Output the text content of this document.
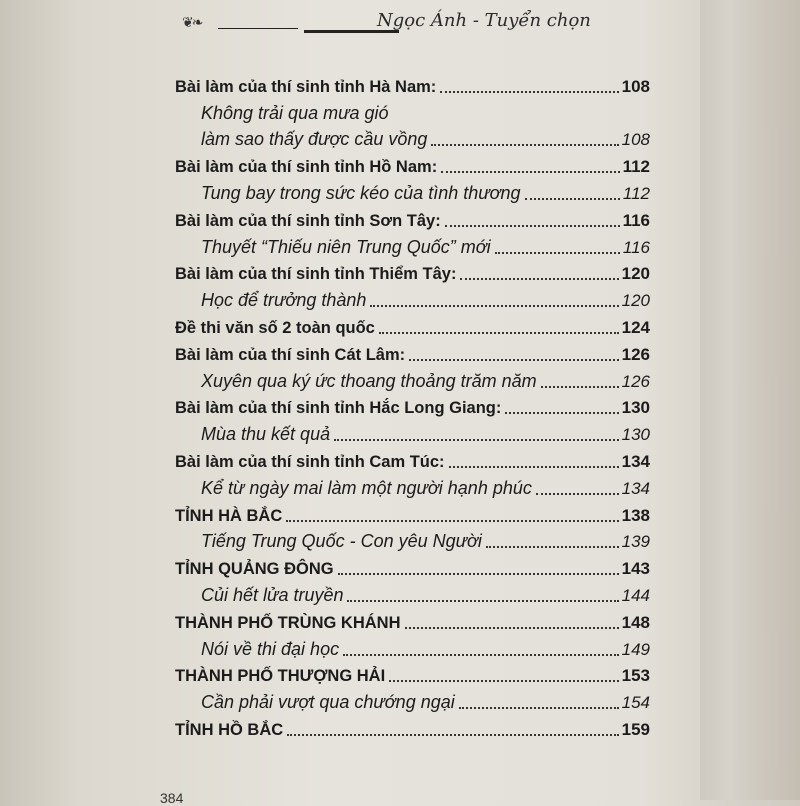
❦❧	Ngọc Ánh - Tuyển chọn
Bài làm của thí sinh tỉnh Hà Nam:	108
Không trải qua mưa gió
làm sao thấy được cầu vồng	108
Bài làm của thí sinh tỉnh Hồ Nam:	112
Tung bay trong sức kéo của tình thương	112
Bài làm của thí sinh tỉnh Sơn Tây:	116
Thuyết “Thiếu niên Trung Quốc” mới	116
Bài làm của thí sinh tỉnh Thiểm Tây:	120
Học để trưởng thành	120
Đề thi văn số 2 toàn quốc	124
Bài làm của thí sinh Cát Lâm:	126
Xuyên qua ký ức thoang thoảng trăm năm	126
Bài làm của thí sinh tỉnh Hắc Long Giang:	130
Mùa thu kết quả	130
Bài làm của thí sinh tỉnh Cam Túc:	134
Kể từ ngày mai làm một người hạnh phúc	134
TỈNH HÀ BẮC	138
Tiếng Trung Quốc - Con yêu Người	139
TỈNH QUẢNG ĐÔNG	143
Củi hết lửa truyền	144
THÀNH PHỐ TRÙNG KHÁNH	148
Nói về thi đại học	149
THÀNH PHỐ THƯỢNG HẢI	153
Cần phải vượt qua chướng ngại	154
TỈNH HỒ BẮC	159
384
